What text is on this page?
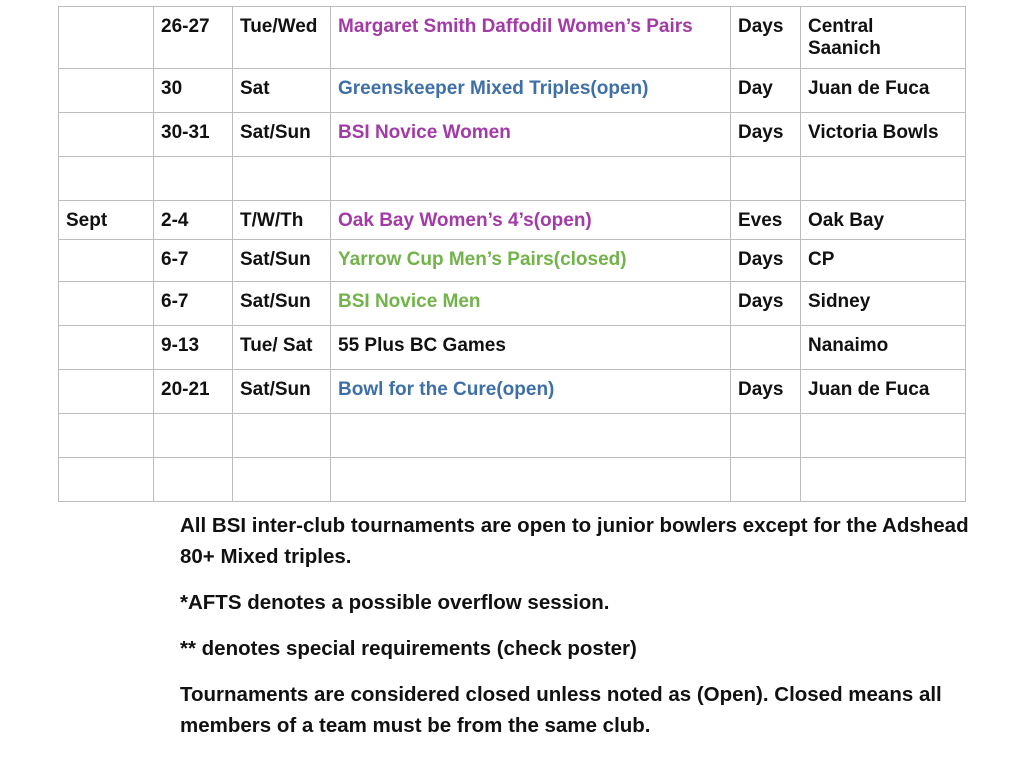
	26-27	Tue/Wed	Margaret Smith Daffodil Women’s Pairs	Days	Central
Saanich
	30	Sat	Greenskeeper Mixed Triples(open)	Day	Juan de Fuca
	30-31	Sat/Sun	BSI Novice Women	Days	Victoria Bowls

Sept	2-4	T/W/Th	Oak Bay Women’s 4’s(open)	Eves	Oak Bay
	6-7	Sat/Sun	Yarrow Cup Men’s Pairs(closed)	Days	CP
	6-7	Sat/Sun	BSI Novice Men	Days	Sidney
	9-13	Tue/ Sat	55 Plus BC Games		Nanaimo
	20-21	Sat/Sun	Bowl for the Cure(open)	Days	Juan de Fuca

All BSI inter-club tournaments are open to junior bowlers except for the Adshead 80+ Mixed triples.

*AFTS denotes a possible overflow session.

** denotes special requirements (check poster)

Tournaments are considered closed unless noted as (Open). Closed means all members of a team must be from the same club.
